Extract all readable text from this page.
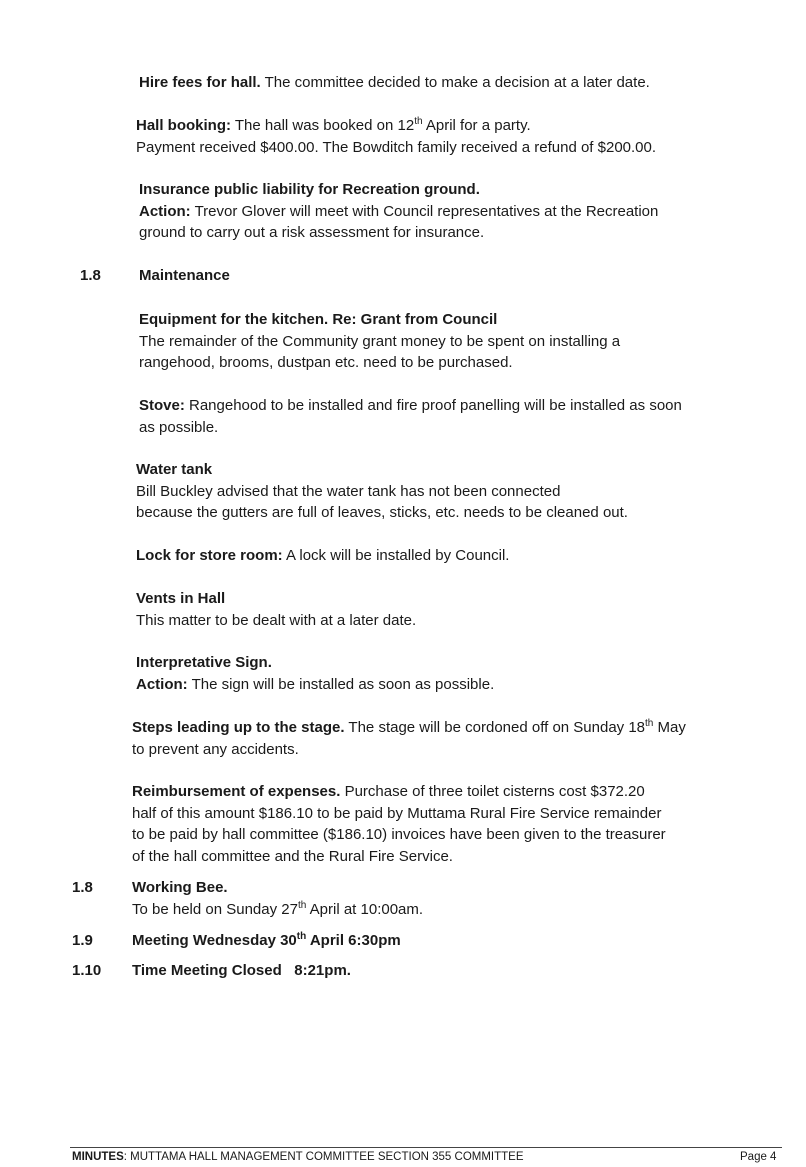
Hire fees for hall. The committee decided to make a decision at a later date.

Hall booking: The hall was booked on 12th April for a party.
Payment received $400.00. The Bowditch family received a refund of $200.00.

Insurance public liability for Recreation ground.
Action: Trevor Glover will meet with Council representatives at the Recreation
ground to carry out a risk assessment for insurance.

1.8	Maintenance

Equipment for the kitchen. Re: Grant from Council
The remainder of the Community grant money to be spent on installing a
rangehood, brooms, dustpan etc. need to be purchased.

Stove: Rangehood to be installed and fire proof panelling will be installed as soon
as possible.

Water tank
Bill Buckley advised that the water tank has not been connected
because the gutters are full of leaves, sticks, etc. needs to be cleaned out.

Lock for store room: A lock will be installed by Council.

Vents in Hall
This matter to be dealt with at a later date.

Interpretative Sign.
Action: The sign will be installed as soon as possible.

Steps leading up to the stage. The stage will be cordoned off on Sunday 18th May
to prevent any accidents.

Reimbursement of expenses. Purchase of three toilet cisterns cost $372.20
half of this amount $186.10 to be paid by Muttama Rural Fire Service remainder
to be paid by hall committee ($186.10) invoices have been given to the treasurer
of the hall committee and the Rural Fire Service.

1.8	Working Bee.
To be held on Sunday 27th April at 10:00am.

1.9	Meeting Wednesday 30th April 6:30pm

1.10 Time Meeting Closed   8:21pm.

MINUTES: MUTTAMA HALL MANAGEMENT COMMITTEE SECTION 355 COMMITTEE	Page 4
